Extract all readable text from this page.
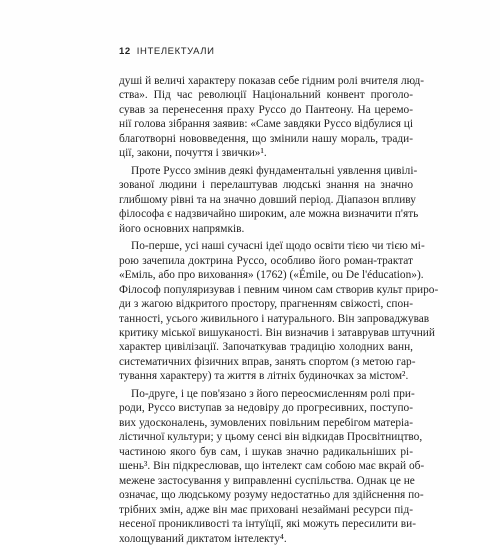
12 ІНТЕЛЕКТУАЛИ
душі й величі характеру показав себе гідним ролі вчителя люд-
ства». Під час революції Національний конвент проголо-
сував за перенесення праху Руссо до Пантеону. На церемо-
нії голова зібрання заявив: «Саме завдяки Руссо відбулися ці
благотворні нововведення, що змінили нашу мораль, тради-
ції, закони, почуття і звички»¹.
Проте Руссо змінив деякі фундаментальні уявлення цивілі-
зованої людини і перелаштував людські знання на значно
глибшому рівні та на значно довший період. Діапазон впливу
філософа є надзвичайно широким, але можна визначити п'ять
його основних напрямків.
По-перше, усі наші сучасні ідеї щодо освіти тією чи тією мі-
рою зачепила доктрина Руссо, особливо його роман-трактат
«Еміль, або про виховання» (1762) («Émile, ou De l'éducation»).
Філософ популяризував і певним чином сам створив культ приро-
ди з жагою відкритого простору, прагненням свіжості, спон-
танності, усього живильного і натурального. Він запроваджував
критику міської вишуканості. Він визначив і затаврував штучний
характер цивілізації. Започаткував традицію холодних ванн,
систематичних фізичних вправ, занять спортом (з метою гар-
тування характеру) та життя в літніх будиночках за містом².
По-друге, і це пов'язано з його переосмисленням ролі при-
роди, Руссо виступав за недовіру до прогресивних, поступо-
вих удосконалень, зумовлених повільним перебігом матеріа-
лістичної культури; у цьому сенсі він відкидав Просвітництво,
частиною якого був сам, і шукав значно радикальніших рі-
шень³. Він підкреслював, що інтелект сам собою має вкрай об-
межене застосування у виправленні суспільства. Однак це не
означає, що людському розуму недостатньо для здійснення по-
трібних змін, адже він має приховані незаймані ресурси під-
несеної проникливості та інтуїції, які можуть пересилити ви-
холощуваний диктатом інтелекту⁴.
